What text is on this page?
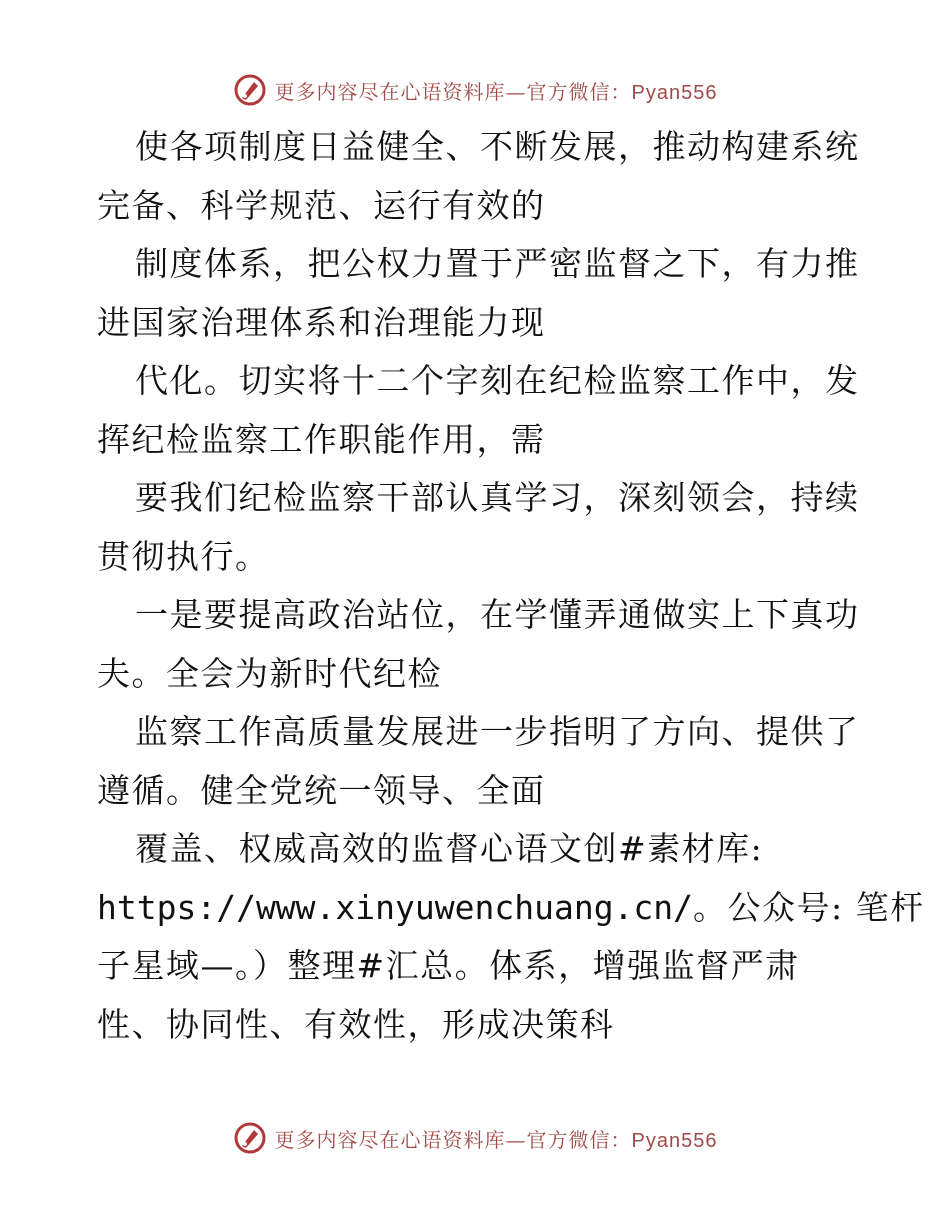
更多内容尽在心语资料库—官方微信：Pyan556
使各项制度日益健全、不断发展，推动构建系统
完备、科学规范、运行有效的
制度体系，把公权力置于严密监督之下，有力推
进国家治理体系和治理能力现
代化。切实将十二个字刻在纪检监察工作中，发
挥纪检监察工作职能作用，需
要我们纪检监察干部认真学习，深刻领会，持续
贯彻执行。
一是要提高政治站位，在学懂弄通做实上下真功
夫。全会为新时代纪检
监察工作高质量发展进一步指明了方向、提供了
遵循。健全党统一领导、全面
覆盖、权威高效的监督心语文创#素材库:
https://www.xinyuwenchuang.cn/。公众号: 笔杆
子星域—。）整理#汇总。体系，增强监督严肃
性、协同性、有效性，形成决策科
更多内容尽在心语资料库—官方微信：Pyan556
